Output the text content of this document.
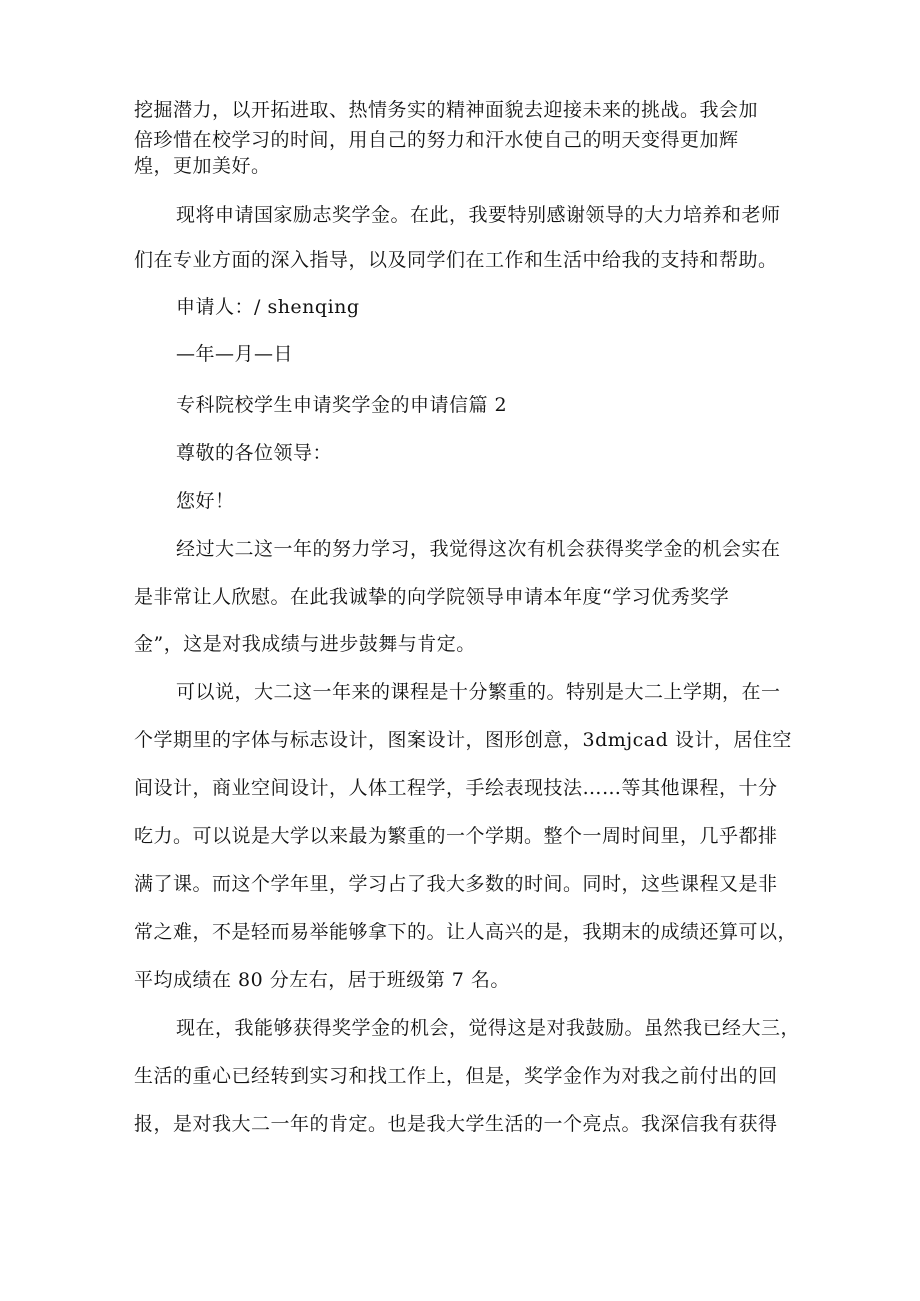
挖掘潜力，以开拓进取、热情务实的精神面貌去迎接未来的挑战。我会加
倍珍惜在校学习的时间，用自己的努力和汗水使自己的明天变得更加辉
煌，更加美好。
现将申请国家励志奖学金。在此，我要特别感谢领导的大力培养和老师
们在专业方面的深入指导，以及同学们在工作和生活中给我的支持和帮助。
申请人：/ shenqing
—年—月—日
专科院校学生申请奖学金的申请信篇 2
尊敬的各位领导：
您好！
经过大二这一年的努力学习，我觉得这次有机会获得奖学金的机会实在
是非常让人欣慰。在此我诚挚的向学院领导申请本年度“学习优秀奖学
金”，这是对我成绩与进步鼓舞与肯定。
可以说，大二这一年来的课程是十分繁重的。特别是大二上学期，在一
个学期里的字体与标志设计，图案设计，图形创意，3dmjcad 设计，居住空
间设计，商业空间设计，人体工程学，手绘表现技法……等其他课程，十分
吃力。可以说是大学以来最为繁重的一个学期。整个一周时间里，几乎都排
满了课。而这个学年里，学习占了我大多数的时间。同时，这些课程又是非
常之难，不是轻而易举能够拿下的。让人高兴的是，我期末的成绩还算可以，
平均成绩在 80 分左右，居于班级第 7 名。
现在，我能够获得奖学金的机会，觉得这是对我鼓励。虽然我已经大三，
生活的重心已经转到实习和找工作上，但是，奖学金作为对我之前付出的回
报，是对我大二一年的肯定。也是我大学生活的一个亮点。我深信我有获得
